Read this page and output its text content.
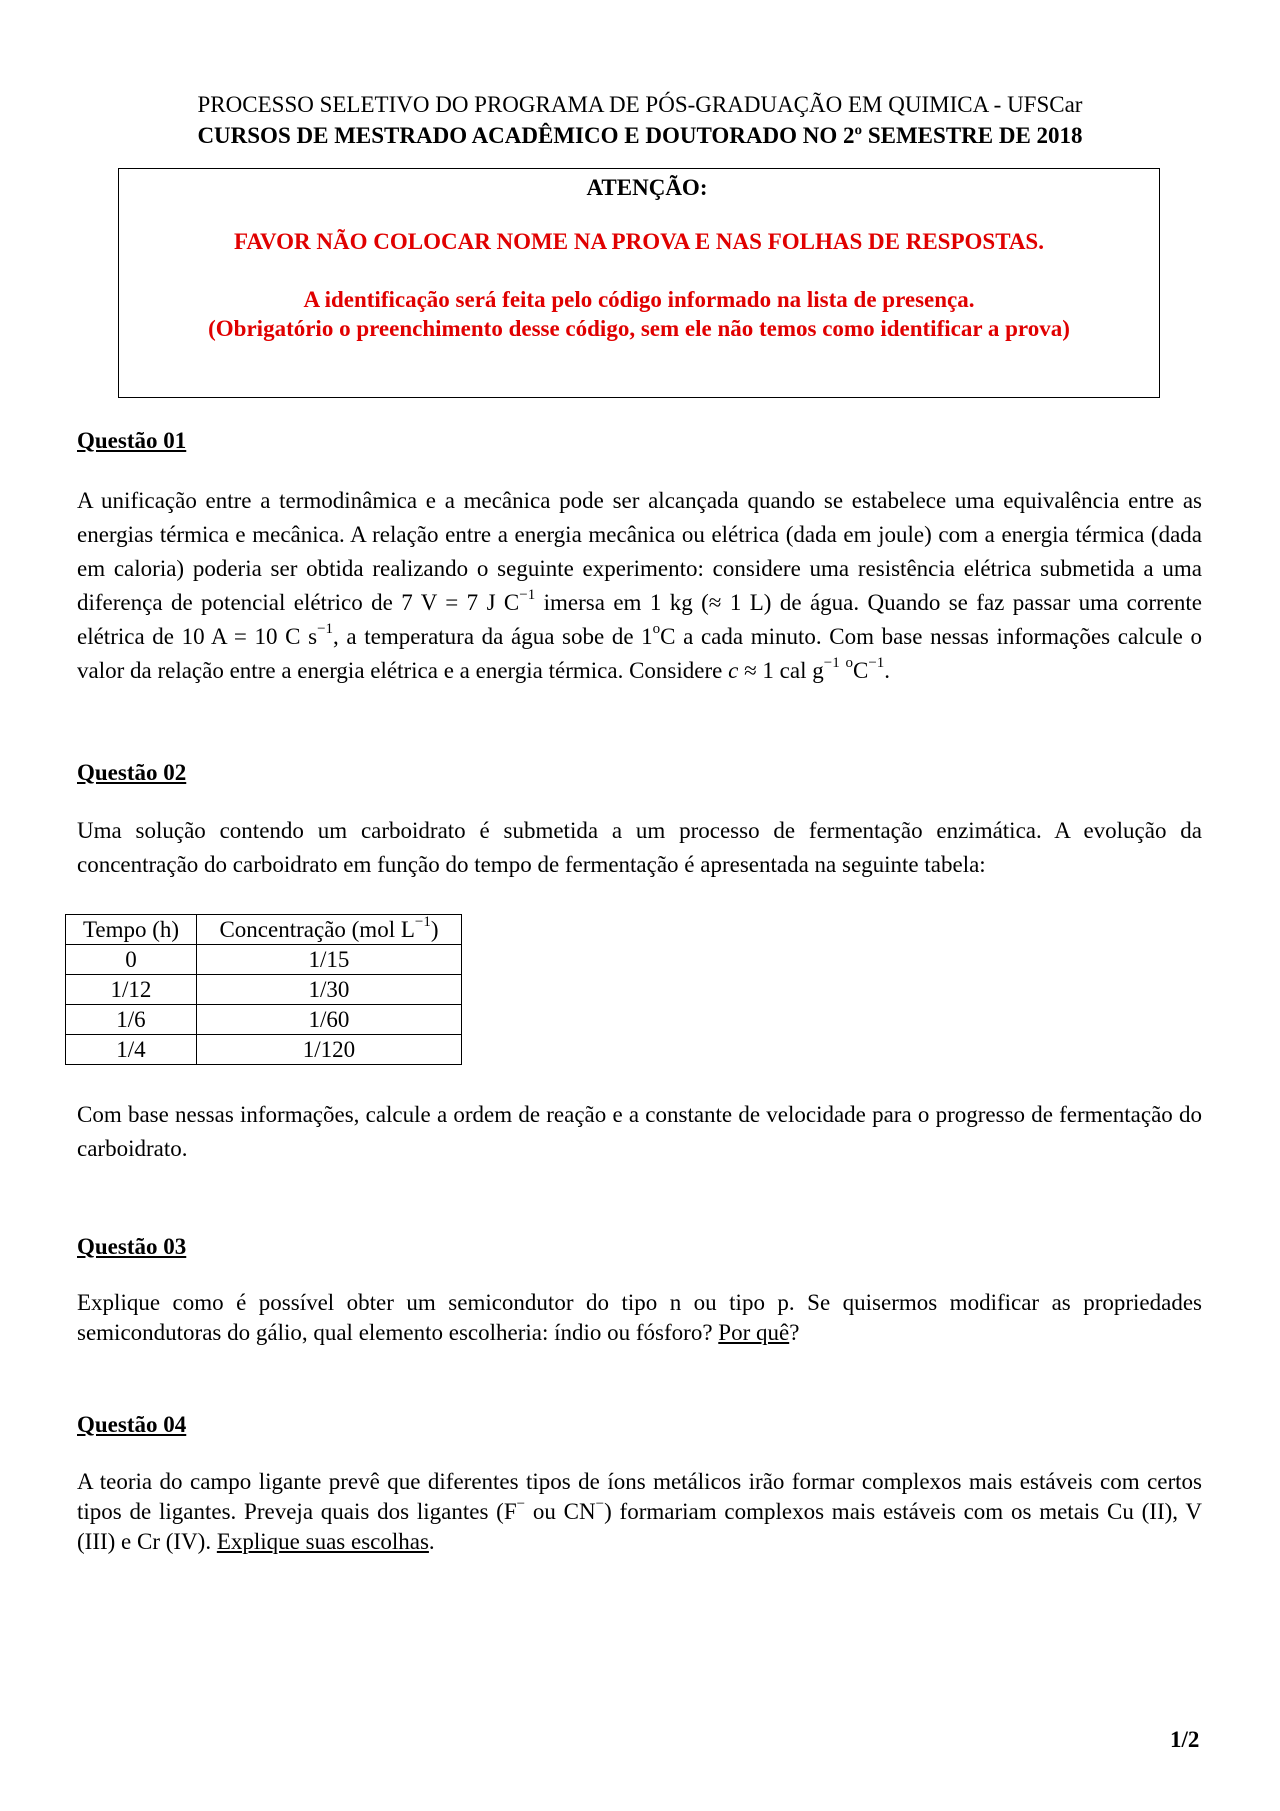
PROCESSO SELETIVO DO PROGRAMA DE PÓS-GRADUAÇÃO EM QUIMICA - UFSCar
CURSOS DE MESTRADO ACADÊMICO E DOUTORADO NO 2º SEMESTRE DE 2018
ATENÇÃO:
FAVOR NÃO COLOCAR NOME NA PROVA E NAS FOLHAS DE RESPOSTAS.
A identificação será feita pelo código informado na lista de presença.
(Obrigatório o preenchimento desse código, sem ele não temos como identificar a prova)
Questão 01
A unificação entre a termodinâmica e a mecânica pode ser alcançada quando se estabelece uma equivalência entre as energias térmica e mecânica. A relação entre a energia mecânica ou elétrica (dada em joule) com a energia térmica (dada em caloria) poderia ser obtida realizando o seguinte experimento: considere uma resistência elétrica submetida a uma diferença de potencial elétrico de 7 V = 7 J $C^{-1}$ imersa em 1 kg (≈ 1 L) de água. Quando se faz passar uma corrente elétrica de 10 A = 10 C $s^{-1}$, a temperatura da água sobe de 1$^o$C a cada minuto. Com base nessas informações calcule o valor da relação entre a energia elétrica e a energia térmica. Considere c ≈ 1 cal $g^{-1}$ $^oC^{-1}$.
Questão 02
Uma solução contendo um carboidrato é submetida a um processo de fermentação enzimática. A evolução da concentração do carboidrato em função do tempo de fermentação é apresentada na seguinte tabela:
Tempo (h)	Concentração (mol $L^{-1}$)
0	1/15
1/12	1/30
1/6	1/60
1/4	1/120
Com base nessas informações, calcule a ordem de reação e a constante de velocidade para o progresso de fermentação do carboidrato.
Questão 03
Explique como é possível obter um semicondutor do tipo n ou tipo p. Se quisermos modificar as propriedades semicondutoras do gálio, qual elemento escolheria: índio ou fósforo? Por quê?
Questão 04
A teoria do campo ligante prevê que diferentes tipos de íons metálicos irão formar complexos mais estáveis com certos tipos de ligantes. Preveja quais dos ligantes (F− ou CN−) formariam complexos mais estáveis com os metais Cu (II), V (III) e Cr (IV). Explique suas escolhas.
1/2
